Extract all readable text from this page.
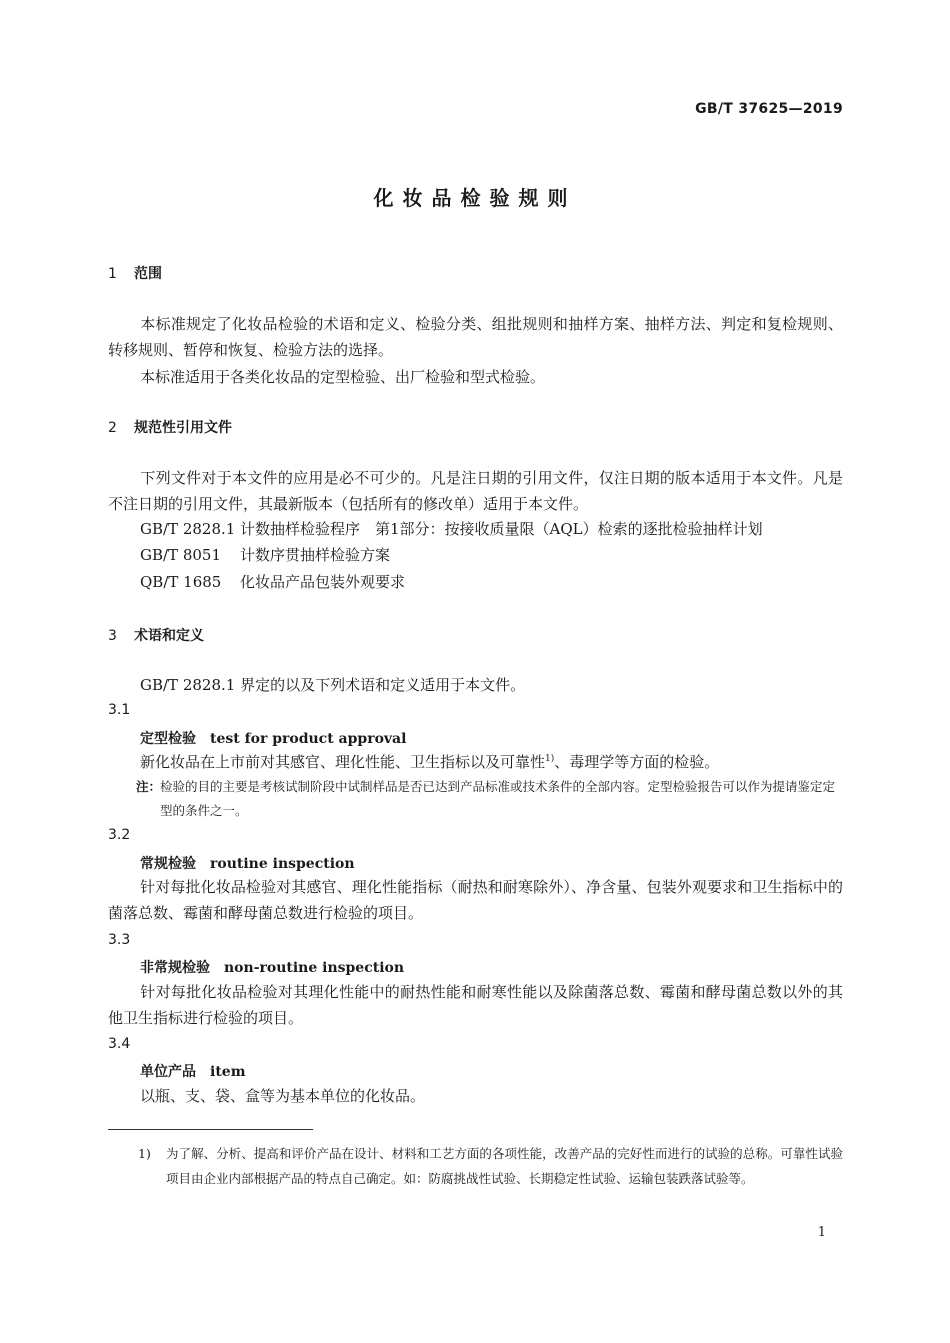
GB/T 37625—2019
化妆品检验规则
1 范围
本标准规定了化妆品检验的术语和定义、检验分类、组批规则和抽样方案、抽样方法、判定和复检规则、转移规则、暂停和恢复、检验方法的选择。
本标准适用于各类化妆品的定型检验、出厂检验和型式检验。
2 规范性引用文件
下列文件对于本文件的应用是必不可少的。凡是注日期的引用文件，仅注日期的版本适用于本文件。凡是不注日期的引用文件，其最新版本（包括所有的修改单）适用于本文件。
GB/T 2828.1 计数抽样检验程序　第1部分：按接收质量限（AQL）检索的逐批检验抽样计划
GB/T 8051 计数序贯抽样检验方案
QB/T 1685 化妆品产品包装外观要求
3 术语和定义
GB/T 2828.1 界定的以及下列术语和定义适用于本文件。
3.1
定型检验 test for product approval
新化妆品在上市前对其感官、理化性能、卫生指标以及可靠性$^{1)}$、毒理学等方面的检验。
注：
检验的目的主要是考核试制阶段中试制样品是否已达到产品标准或技术条件的全部内容。定型检验报告可以作为提请鉴定定型的条件之一。
3.2
常规检验 routine inspection
针对每批化妆品检验对其感官、理化性能指标（耐热和耐寒除外）、净含量、包装外观要求和卫生指标中的菌落总数、霉菌和酵母菌总数进行检验的项目。
3.3
非常规检验 non-routine inspection
针对每批化妆品检验对其理化性能中的耐热性能和耐寒性能以及除菌落总数、霉菌和酵母菌总数以外的其他卫生指标进行检验的项目。
3.4
单位产品 item
以瓶、支、袋、盒等为基本单位的化妆品。
1) 为了解、分析、提高和评价产品在设计、材料和工艺方面的各项性能，改善产品的完好性而进行的试验的总称。可靠性试验项目由企业内部根据产品的特点自己确定。如：防腐挑战性试验、长期稳定性试验、运输包装跌落试验等。
1
